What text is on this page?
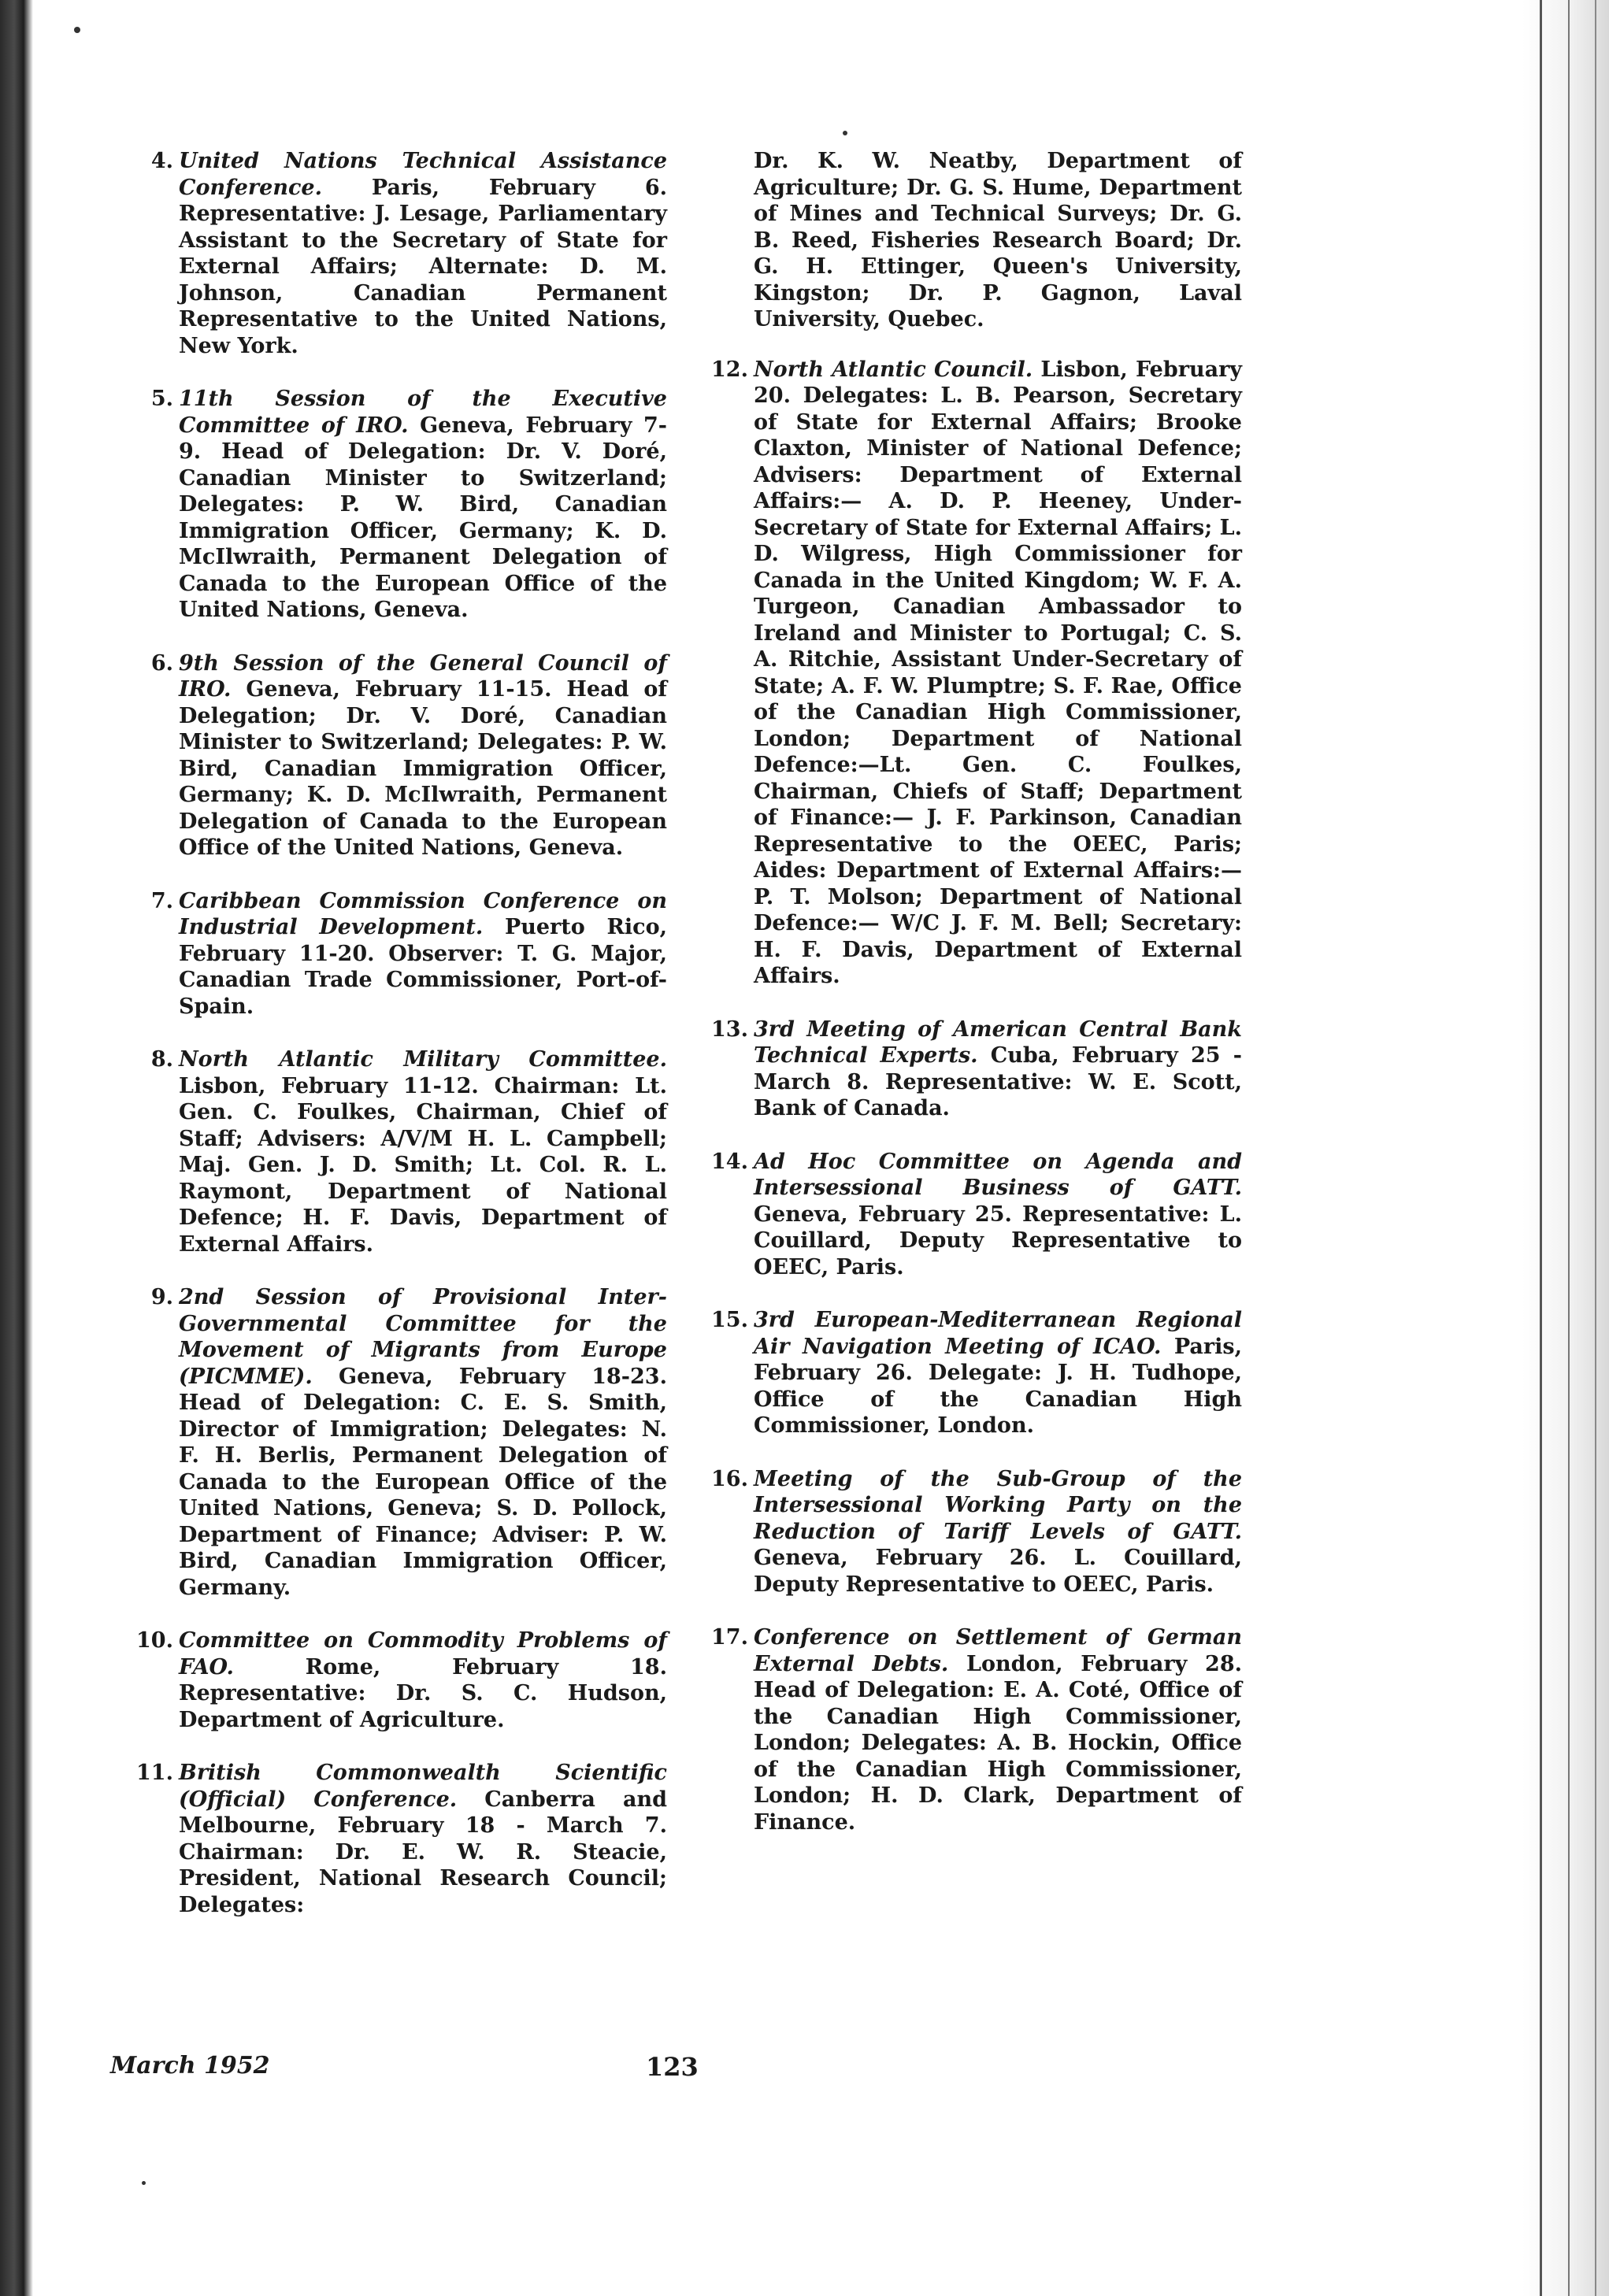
4. United Nations Technical Assistance Conference. Paris, February 6. Representative: J. Lesage, Parliamentary Assistant to the Secretary of State for External Affairs; Alternate: D. M. Johnson, Canadian Permanent Representative to the United Nations, New York.
5. 11th Session of the Executive Committee of IRO. Geneva, February 7-9. Head of Delegation: Dr. V. Doré, Canadian Minister to Switzerland; Delegates: P. W. Bird, Canadian Immigration Officer, Germany; K. D. McIlwraith, Permanent Delegation of Canada to the European Office of the United Nations, Geneva.
6. 9th Session of the General Council of IRO. Geneva, February 11-15. Head of Delegation; Dr. V. Doré, Canadian Minister to Switzerland; Delegates: P. W. Bird, Canadian Immigration Officer, Germany; K. D. McIlwraith, Permanent Delegation of Canada to the European Office of the United Nations, Geneva.
7. Caribbean Commission Conference on Industrial Development. Puerto Rico, February 11-20. Observer: T. G. Major, Canadian Trade Commissioner, Port-of-Spain.
8. North Atlantic Military Committee. Lisbon, February 11-12. Chairman: Lt. Gen. C. Foulkes, Chairman, Chief of Staff; Advisers: A/V/M H. L. Campbell; Maj. Gen. J. D. Smith; Lt. Col. R. L. Raymont, Department of National Defence; H. F. Davis, Department of External Affairs.
9. 2nd Session of Provisional Inter-Governmental Committee for the Movement of Migrants from Europe (PICMME). Geneva, February 18-23. Head of Delegation: C. E. S. Smith, Director of Immigration; Delegates: N. F. H. Berlis, Permanent Delegation of Canada to the European Office of the United Nations, Geneva; S. D. Pollock, Department of Finance; Adviser: P. W. Bird, Canadian Immigration Officer, Germany.
10. Committee on Commodity Problems of FAO. Rome, February 18. Representative: Dr. S. C. Hudson, Department of Agriculture.
11. British Commonwealth Scientific (Official) Conference. Canberra and Melbourne, February 18 - March 7. Chairman: Dr. E. W. R. Steacie, President, National Research Council; Delegates:
Dr. K. W. Neatby, Department of Agriculture; Dr. G. S. Hume, Department of Mines and Technical Surveys; Dr. G. B. Reed, Fisheries Research Board; Dr. G. H. Ettinger, Queen's University, Kingston; Dr. P. Gagnon, Laval University, Quebec.
12. North Atlantic Council. Lisbon, February 20. Delegates: L. B. Pearson, Secretary of State for External Affairs; Brooke Claxton, Minister of National Defence; Advisers: Department of External Affairs:— A. D. P. Heeney, Under-Secretary of State for External Affairs; L. D. Wilgress, High Commissioner for Canada in the United Kingdom; W. F. A. Turgeon, Canadian Ambassador to Ireland and Minister to Portugal; C. S. A. Ritchie, Assistant Under-Secretary of State; A. F. W. Plumptre; S. F. Rae, Office of the Canadian High Commissioner, London; Department of National Defence:—Lt. Gen. C. Foulkes, Chairman, Chiefs of Staff; Department of Finance:— J. F. Parkinson, Canadian Representative to the OEEC, Paris; Aides: Department of External Affairs:— P. T. Molson; Department of National Defence:— W/C J. F. M. Bell; Secretary: H. F. Davis, Department of External Affairs.
13. 3rd Meeting of American Central Bank Technical Experts. Cuba, February 25 - March 8. Representative: W. E. Scott, Bank of Canada.
14. Ad Hoc Committee on Agenda and Intersessional Business of GATT. Geneva, February 25. Representative: L. Couillard, Deputy Representative to OEEC, Paris.
15. 3rd European-Mediterranean Regional Air Navigation Meeting of ICAO. Paris, February 26. Delegate: J. H. Tudhope, Office of the Canadian High Commissioner, London.
16. Meeting of the Sub-Group of the Intersessional Working Party on the Reduction of Tariff Levels of GATT. Geneva, February 26. L. Couillard, Deputy Representative to OEEC, Paris.
17. Conference on Settlement of German External Debts. London, February 28. Head of Delegation: E. A. Coté, Office of the Canadian High Commissioner, London; Delegates: A. B. Hockin, Office of the Canadian High Commissioner, London; H. D. Clark, Department of Finance.
March 1952	123
